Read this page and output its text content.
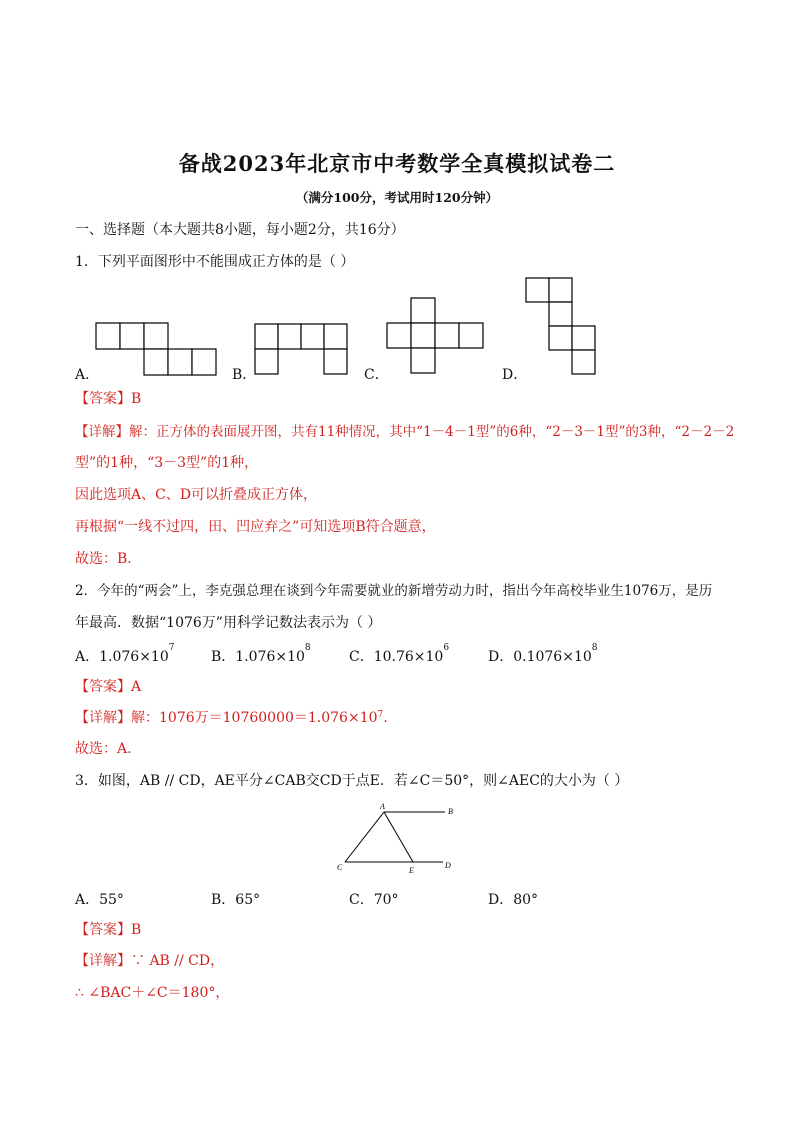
备战2023年北京市中考数学全真模拟试卷二
（满分100分，考试用时120分钟）
一、选择题（本大题共8小题，每小题2分，共16分）
1．下列平面图形中不能围成正方体的是（ ）
A．	B．	C．	D．
【答案】B
【详解】解：正方体的表面展开图，共有11种情况，其中“1－4－1型”的6种，“2－3－1型”的3种，“2－2－2
型”的1种，“3－3型”的1种，
因此选项A、C、D可以折叠成正方体，
再根据“一线不过四，田、凹应弃之”可知选项B符合题意，
故选：B.
2．今年的“两会”上，李克强总理在谈到今年需要就业的新增劳动力时，指出今年高校毕业生1076万，是历
年最高．数据“1076万”用科学记数法表示为（ ）
A．$1.076\times 10^7$
B．$1.076\times 10^8$
C．$10.76\times 10^6$
D．$0.1076\times 10^8$
【答案】A
【详解】解：1076万$=10760000=1.076\times 10^7$.
故选：A.
3．如图，AB // CD，AE平分∠CAB交CD于点E．若∠C＝50°，则∠AEC的大小为（ ）
A
B
C	E
D
A．55°	B．65°	C．70°	D．80°
【答案】B
【详解】∵ AB // CD，
∴ ∠BAC＋∠C＝180°，
